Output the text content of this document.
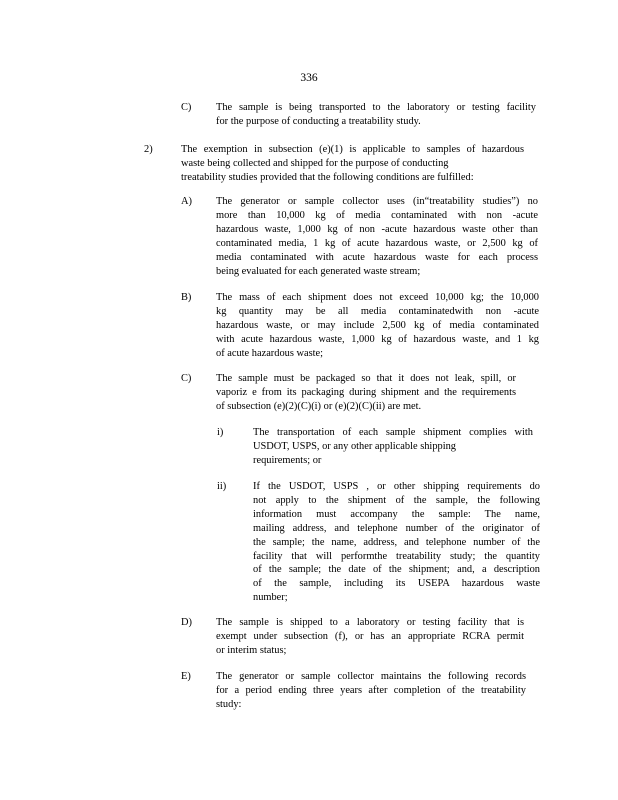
336
C) The sample is being transported to the laboratory or testing facility
for the purpose of conducting a treatability study.
2)	The exemption in subsection (e)(1) is applicable to samples of hazardous
waste being collected and shipped for the purpose of conducting
treatability studies provided that the following conditions are fulfilled:
A) The generator or sample collector uses (in“treatability studies”) no
more than 10,000 kg of media contaminated with non -acute
hazardous waste, 1,000 kg of non -acute hazardous waste other than
contaminated media, 1 kg of acute hazardous waste, or 2,500 kg of
media contaminated with acute hazardous waste for each process
being evaluated for each generated waste stream;
B) The mass of each shipment does not exceed 10,000 kg; the 10,000
kg quantity may be all media contaminatedwith non -acute
hazardous waste, or may include 2,500 kg of media contaminated
with acute hazardous waste, 1,000 kg of hazardous waste, and 1 kg
of acute hazardous waste;
C) The sample must be packaged so that it does not leak, spill, or
vaporiz e from its packaging during shipment and the requirements
of subsection (e)(2)(C)(i) or (e)(2)(C)(ii) are met.
i)	The transportation of each sample shipment complies with
USDOT, USPS, or any other applicable shipping
requirements; or
ii)	If the USDOT, USPS , or other shipping requirements do
not apply to the shipment of the sample, the following
information must accompany the sample: The name,
mailing address, and telephone number of the originator of
the sample; the name, address, and telephone number of the
facility that will performthe treatability study; the quantity
of the sample; the date of the shipment; and, a description
of the sample, including its USEPA hazardous waste
number;
D) The sample is shipped to a laboratory or testing facility that is
exempt under subsection (f), or has an appropriate RCRA permit
or interim status;
E) The generator or sample collector maintains the following records
for a period ending three years after completion of the treatability
study:
